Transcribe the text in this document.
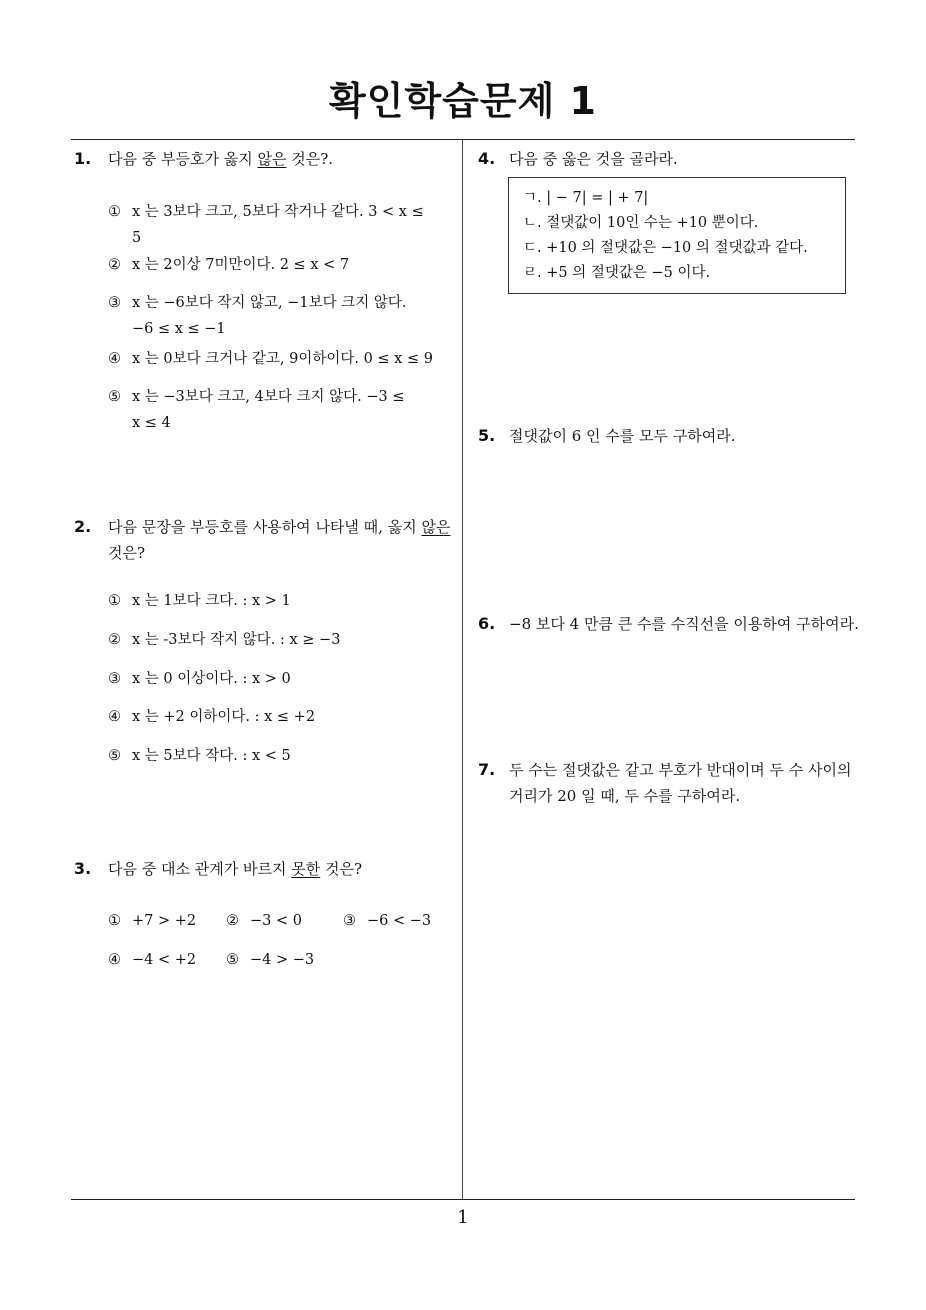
확인학습문제 1
1. 다음 중 부등호가 옳지 않은 것은?.
① x 는 3보다 크고, 5보다 작거나 같다. 3 < x ≤
5
② x 는 2이상 7미만이다. 2 ≤ x < 7
③ x 는 −6보다 작지 않고, −1보다 크지 않다.
−6 ≤ x ≤ −1
④ x 는 0보다 크거나 같고, 9이하이다. 0 ≤ x ≤ 9
⑤ x 는 −3보다 크고, 4보다 크지 않다. −3 ≤
x ≤ 4
2. 다음 문장을 부등호를 사용하여 나타낼 때, 옳지 않은
것은?
① x 는 1보다 크다. : x > 1
② x 는 -3보다 작지 않다. : x ≥ −3
③ x 는 0 이상이다. : x > 0
④ x 는 +2 이하이다. : x ≤ +2
⑤ x 는 5보다 작다. : x < 5
3. 다음 중 대소 관계가 바르지 못한 것은?
① +7 > +2 ② −3 < 0	③ −6 < −3
④ −4 < +2 ⑤ −4 > −3
4. 다음 중 옳은 것을 골라라.
ㄱ. | − 7| = | + 7|
ㄴ. 절댓값이 10인 수는 +10 뿐이다.
ㄷ. +10 의 절댓값은 −10 의 절댓값과 같다.
ㄹ. +5 의 절댓값은 −5 이다.
5. 절댓값이 6 인 수를 모두 구하여라.
6. −8 보다 4 만큼 큰 수를 수직선을 이용하여 구하여라.
7. 두 수는 절댓값은 같고 부호가 반대이며 두 수 사이의
거리가 20 일 때, 두 수를 구하여라.
1
